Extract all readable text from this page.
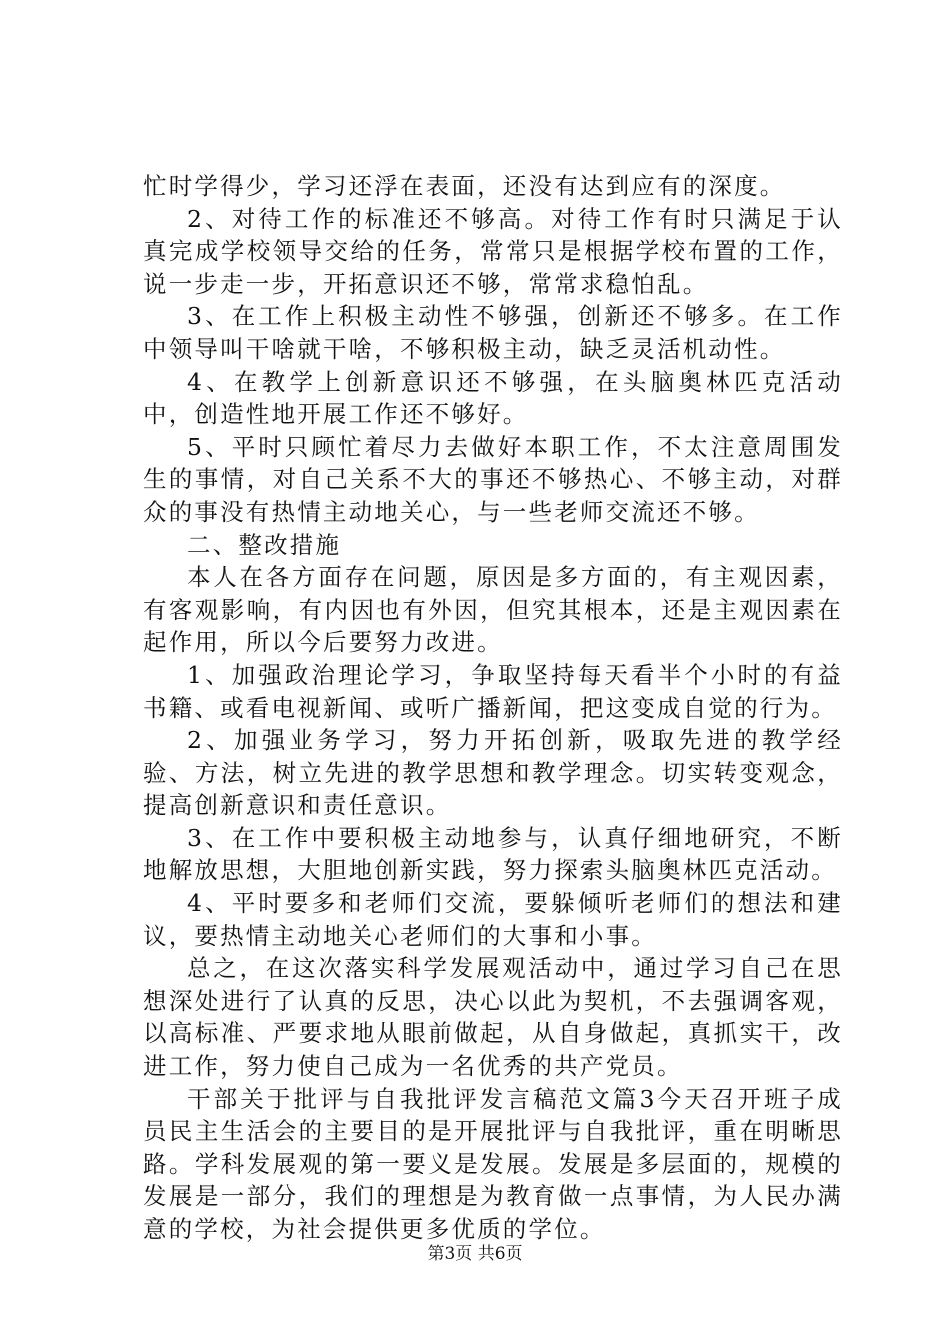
忙时学得少，学习还浮在表面，还没有达到应有的深度。

2、对待工作的标准还不够高。对待工作有时只满足于认真完成学校领导交给的任务，常常只是根据学校布置的工作，说一步走一步，开拓意识还不够，常常求稳怕乱。

3、在工作上积极主动性不够强，创新还不够多。在工作中领导叫干啥就干啥，不够积极主动，缺乏灵活机动性。

4、在教学上创新意识还不够强，在头脑奥林匹克活动中，创造性地开展工作还不够好。

5、平时只顾忙着尽力去做好本职工作，不太注意周围发生的事情，对自己关系不大的事还不够热心、不够主动，对群众的事没有热情主动地关心，与一些老师交流还不够。

二、整改措施

本人在各方面存在问题，原因是多方面的，有主观因素，有客观影响，有内因也有外因，但究其根本，还是主观因素在起作用，所以今后要努力改进。

1、加强政治理论学习，争取坚持每天看半个小时的有益书籍、或看电视新闻、或听广播新闻，把这变成自觉的行为。

2、加强业务学习，努力开拓创新，吸取先进的教学经验、方法，树立先进的教学思想和教学理念。切实转变观念，提高创新意识和责任意识。

3、在工作中要积极主动地参与，认真仔细地研究，不断地解放思想，大胆地创新实践，努力探索头脑奥林匹克活动。

4、平时要多和老师们交流，要躲倾听老师们的想法和建议，要热情主动地关心老师们的大事和小事。

总之，在这次落实科学发展观活动中，通过学习自己在思想深处进行了认真的反思，决心以此为契机，不去强调客观，以高标准、严要求地从眼前做起，从自身做起，真抓实干，改进工作，努力使自己成为一名优秀的共产党员。

干部关于批评与自我批评发言稿范文篇3今天召开班子成员民主生活会的主要目的是开展批评与自我批评，重在明晰思路。学科发展观的第一要义是发展。发展是多层面的，规模的发展是一部分，我们的理想是为教育做一点事情，为人民办满意的学校，为社会提供更多优质的学位。

第3页 共6页
